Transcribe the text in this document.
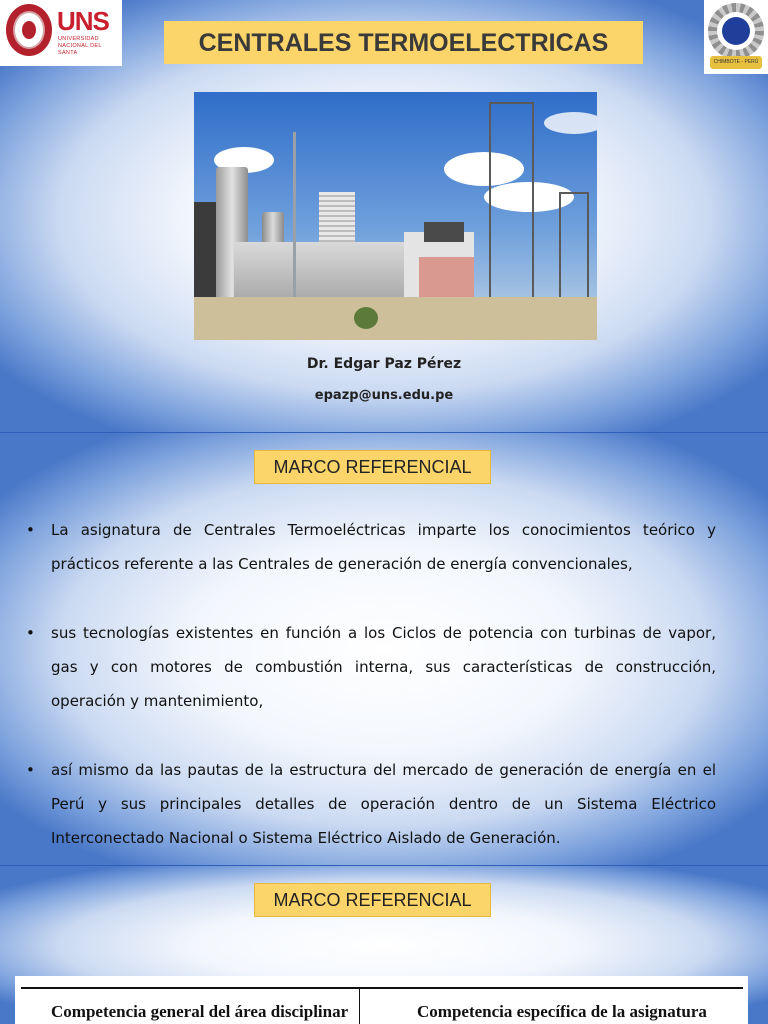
UNS
UNIVERSIDAD NACIONAL DEL SANTA	CENTRALES TERMOELECTRICAS
CHIMBOTE - PERÚ
Dr. Edgar Paz Pérez
epazp@uns.edu.pe
MARCO REFERENCIAL
• La asignatura de Centrales Termoeléctricas imparte los conocimientos teórico y prácticos referente a las Centrales de generación de energía convencionales,
• sus tecnologías existentes en función a los Ciclos de potencia con turbinas de vapor, gas y con motores de combustión interna, sus características de construcción, operación y mantenimiento,
• así mismo da las pautas de la estructura del mercado de generación de energía en el Perú y sus principales detalles de operación dentro de un Sistema Eléctrico Interconectado Nacional o Sistema Eléctrico Aislado de Generación.
MARCO REFERENCIAL
Competencia general del área disciplinar	Competencia específica de la asignatura
